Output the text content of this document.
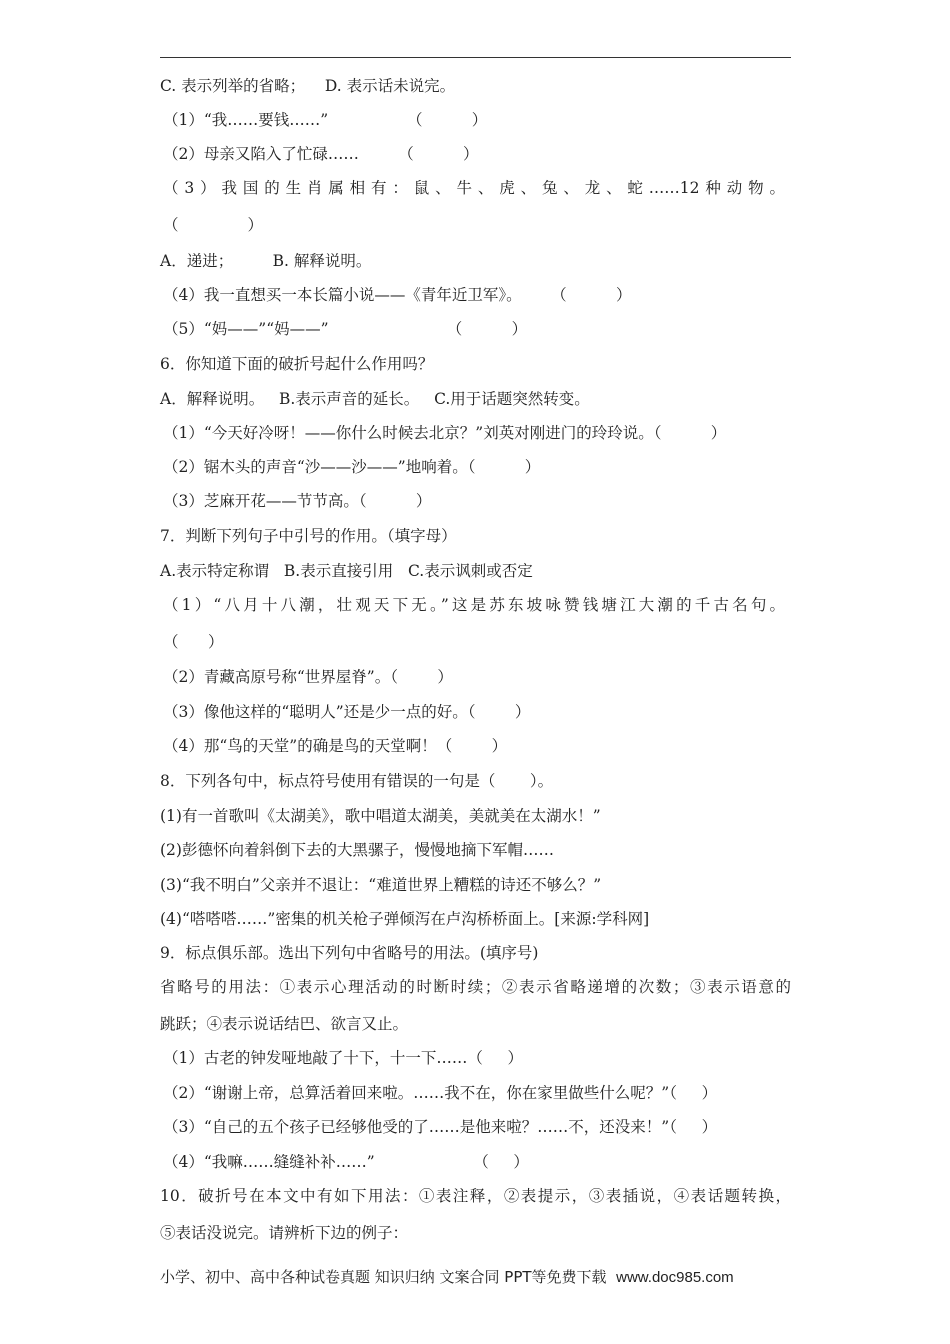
C. 表示列举的省略；    D. 表示话未说完。
（1）“我……要钱……”                （          ）
（2）母亲又陷入了忙碌……        （          ）
（3）我国的生肖属相有：鼠、牛、虎、兔、龙、蛇……12种动物。
（              ）
A．递进；        B. 解释说明。
（4）我一直想买一本长篇小说——《青年近卫军》。      （          ）
（5）“妈——”“妈——”                        （          ）
6．你知道下面的破折号起什么作用吗？
A．解释说明。   B.表示声音的延长。   C.用于话题突然转变。
（1）“今天好冷呀！——你什么时候去北京？”刘英对刚进门的玲玲说。（          ）
（2）锯木头的声音“沙——沙——”地响着。（          ）
（3）芝麻开花——节节高。（          ）
7．判断下列句子中引号的作用。（填字母）
A.表示特定称谓   B.表示直接引用   C.表示讽刺或否定
（1）“八月十八潮，壮观天下无。”这是苏东坡咏赞钱塘江大潮的千古名句。
（      ）
（2）青藏高原号称“世界屋脊”。（        ）
（3）像他这样的“聪明人”还是少一点的好。（        ）
（4）那“鸟的天堂”的确是鸟的天堂啊！（        ）
8．下列各句中，标点符号使用有错误的一句是（       ）。
(1)有一首歌叫《太湖美》，歌中唱道太湖美，美就美在太湖水！”
(2)彭德怀向着斜倒下去的大黑骡子，慢慢地摘下军帽……
(3)“我不明白”父亲并不退让：“难道世界上糟糕的诗还不够么？”
(4)“嗒嗒嗒……”密集的机关枪子弹倾泻在卢沟桥桥面上。[来源:学科网]
9．标点俱乐部。选出下列句中省略号的用法。(填序号)
省略号的用法：①表示心理活动的时断时续；②表示省略递增的次数；③表示语意的
跳跃；④表示说话结巴、欲言又止。
（1）古老的钟发哑地敲了十下，十一下……（     ）
（2）“谢谢上帝，总算活着回来啦。……我不在，你在家里做些什么呢？”（     ）
（3）“自己的五个孩子已经够他受的了……是他来啦？……不，还没来！”（     ）
（4）“我嘛……缝缝补补……”                    （     ）
10．破折号在本文中有如下用法：①表注释，②表提示，③表插说，④表话题转换，
⑤表话没说完。请辨析下边的例子：
小学、初中、高中各种试卷真题 知识归纳 文案合同 PPT等免费下载 www.doc985.com
